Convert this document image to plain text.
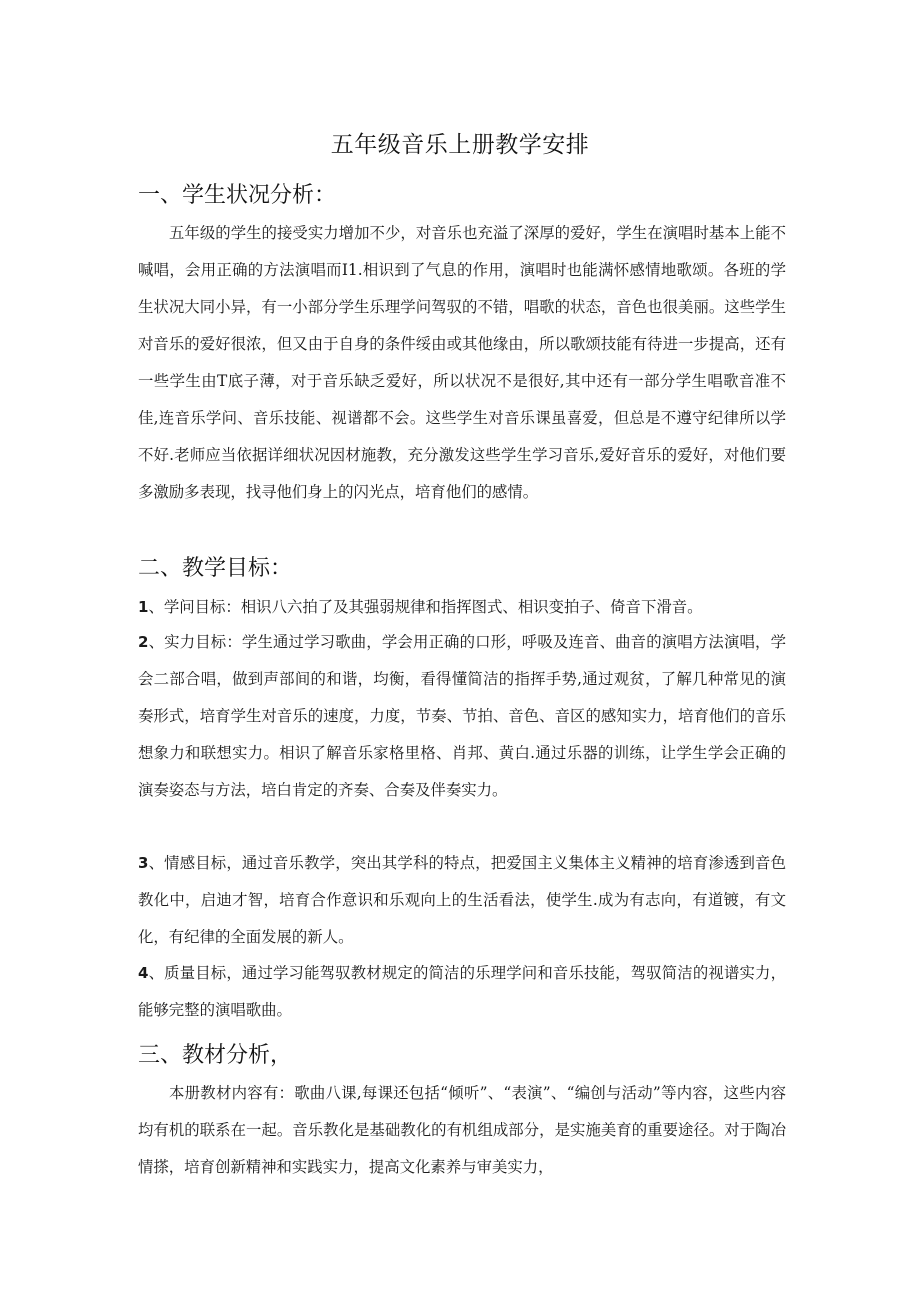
五年级音乐上册教学安排
一、学生状况分析：
五年级的学生的接受实力增加不少，对音乐也充溢了深厚的爱好，学生在演唱时基本上能不喊唱，会用正确的方法演唱而I1.相识到了气息的作用，演唱时也能满怀感情地歌颂。各班的学生状况大同小异，有一小部分学生乐理学问驾驭的不错，唱歌的状态，音色也很美丽。这些学生对音乐的爱好很浓，但又由于自身的条件绥由或其他缘由，所以歌颂技能有待进一步提高，还有一些学生由T底子薄，对于音乐缺乏爱好，所以状况不是很好,其中还有一部分学生唱歌音准不佳,连音乐学问、音乐技能、视谱都不会。这些学生对音乐课虽喜爱，但总是不遵守纪律所以学不好.老师应当依据详细状况因材施教，充分激发这些学生学习音乐,爱好音乐的爱好，对他们要多激励多表现，找寻他们身上的闪光点，培育他们的感情。
二、教学目标：
1、学问目标：相识八六拍了及其强弱规律和指挥图式、相识变拍子、倚音下滑音。
2、实力目标：学生通过学习歌曲，学会用正确的口形，呼吸及连音、曲音的演唱方法演唱，学会二部合唱，做到声部间的和谐，均衡，看得懂简洁的指挥手势,通过观贫，了解几种常见的演奏形式，培育学生对音乐的速度，力度，节奏、节拍、音色、音区的感知实力，培育他们的音乐想象力和联想实力。相识了解音乐家格里格、肖邦、黄白.通过乐器的训练，让学生学会正确的演奏姿态与方法，培白肯定的齐奏、合奏及伴奏实力。
3、情感目标，通过音乐教学，突出其学科的特点，把爱国主义集体主义精神的培育渗透到音色教化中，启迪才智，培育合作意识和乐观向上的生活看法，使学生.成为有志向，有道镀，有文化，有纪律的全面发展的新人。
4、质量目标，通过学习能驾驭教材规定的简洁的乐理学问和音乐技能，驾驭简洁的视谱实力，能够完整的演唱歌曲。
三、教材分析，
本册教材内容有：歌曲八课,每课还包括“倾听”、“表演”、“编创与活动”等内容，这些内容均有机的联系在一起。音乐教化是基础教化的有机组成部分，是实施美育的重要途径。对于陶冶情搽，培育创新精神和实践实力，提高文化素养与审美实力，
